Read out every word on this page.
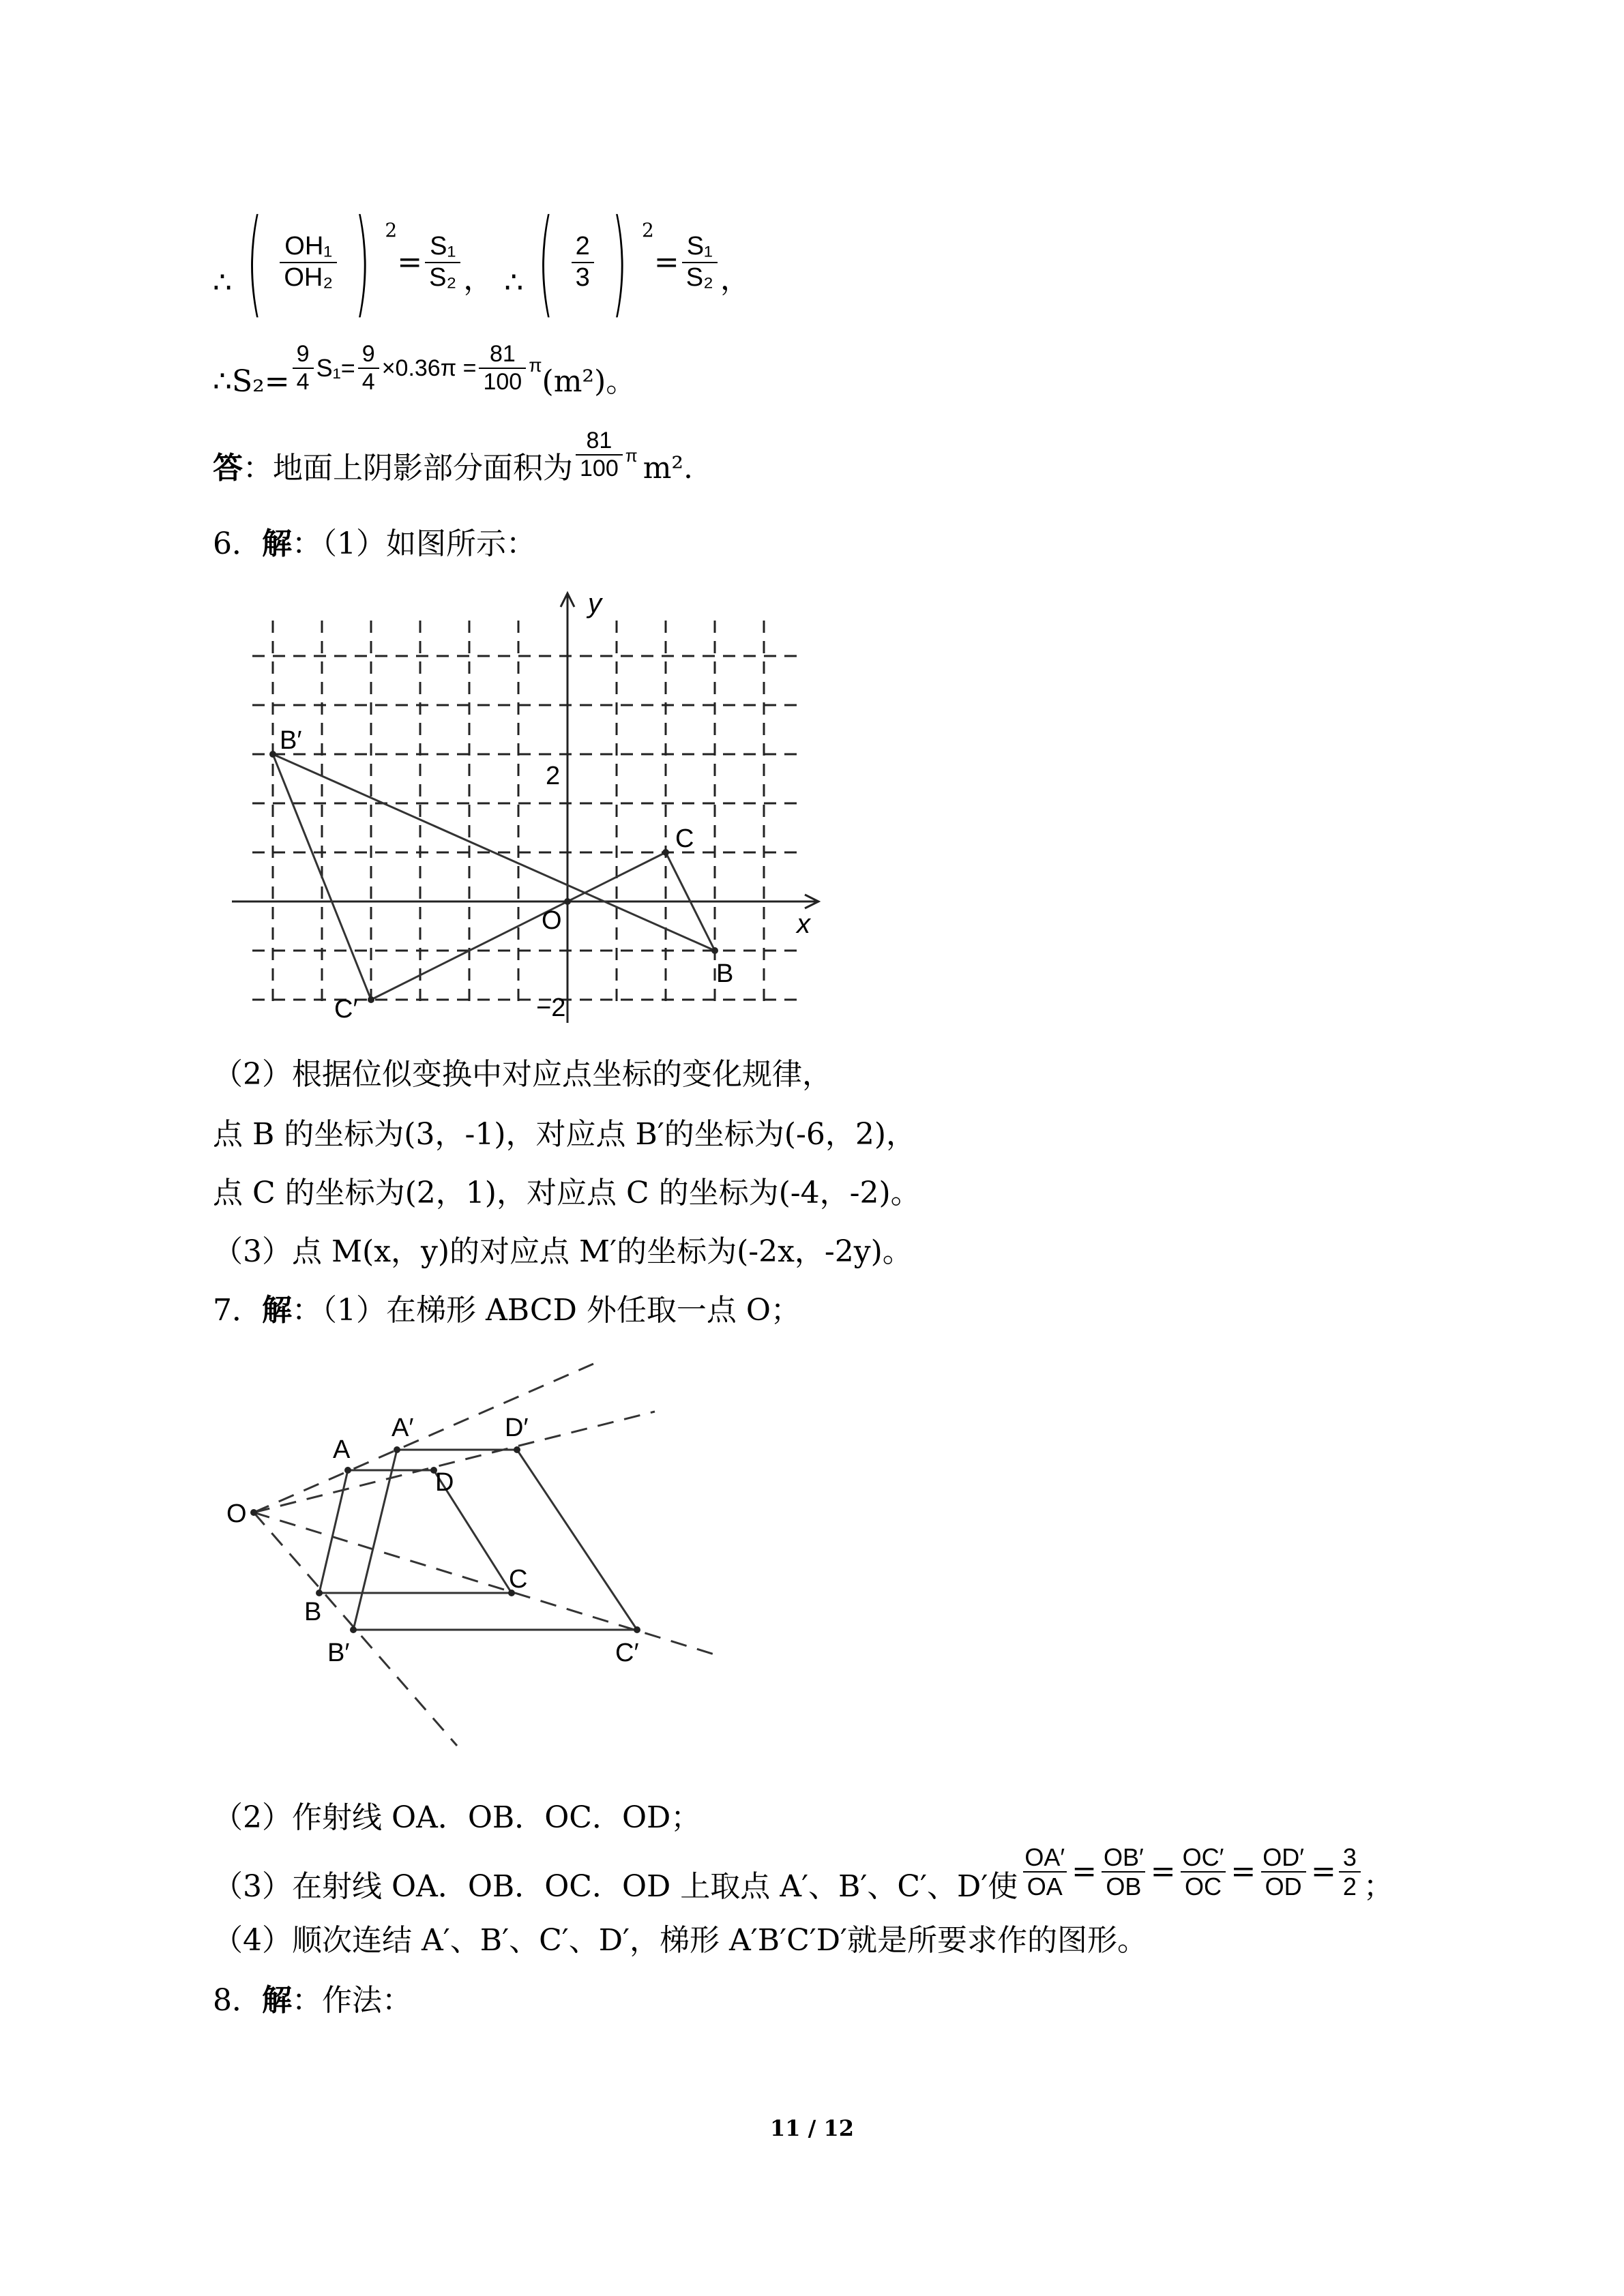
∴ ( $\frac{\text{OH₁}}{\text{OH₂}}$ ) 2
= $\frac{\text{S₁}}{\text{S₂}}$ ， ∴ ( $\frac{2}{3}$ ) 2
= $\frac{\text{S₁}}{\text{S₂}}$ ，
∴S₂= $\frac{9}{4} S_1= \frac{9}{4} \times 0.36\pi = \frac{81}{100}$ π (m²)。
答 ：地面上阴影部分面积为 $\frac{81}{100}$ π m².
6．解：（1）如图所示：
y
x
O
2
−2
B′
B
C
C′
（2）根据位似变换中对应点坐标的变化规律，
点 B 的坐标为(3，-1)，对应点 B′的坐标为(-6，2)，
点 C 的坐标为(2，1)，对应点 C 的坐标为(-4，-2)。
（3）点 M(x，y)的对应点 M′的坐标为(-2x，-2y)。
7．解：（1）在梯形 ABCD 外任取一点 O；
O
A
A′	D′
D
C
B
B′	C′
（2）作射线 OA．OB．OC．OD；
（3）在射线 OA．OB．OC．OD 上取点 A′、B′、C′、D′使 $\frac{OA'}{OA} = \frac{OB'}{OB} = \frac{OC'}{OC} = \frac{OD'}{OD} = \frac{3}{2}$ ；
（4）顺次连结 A′、B′、C′、D′，梯形 A′B′C′D′就是所要求作的图形。
8．解：作法：
11 / 12
